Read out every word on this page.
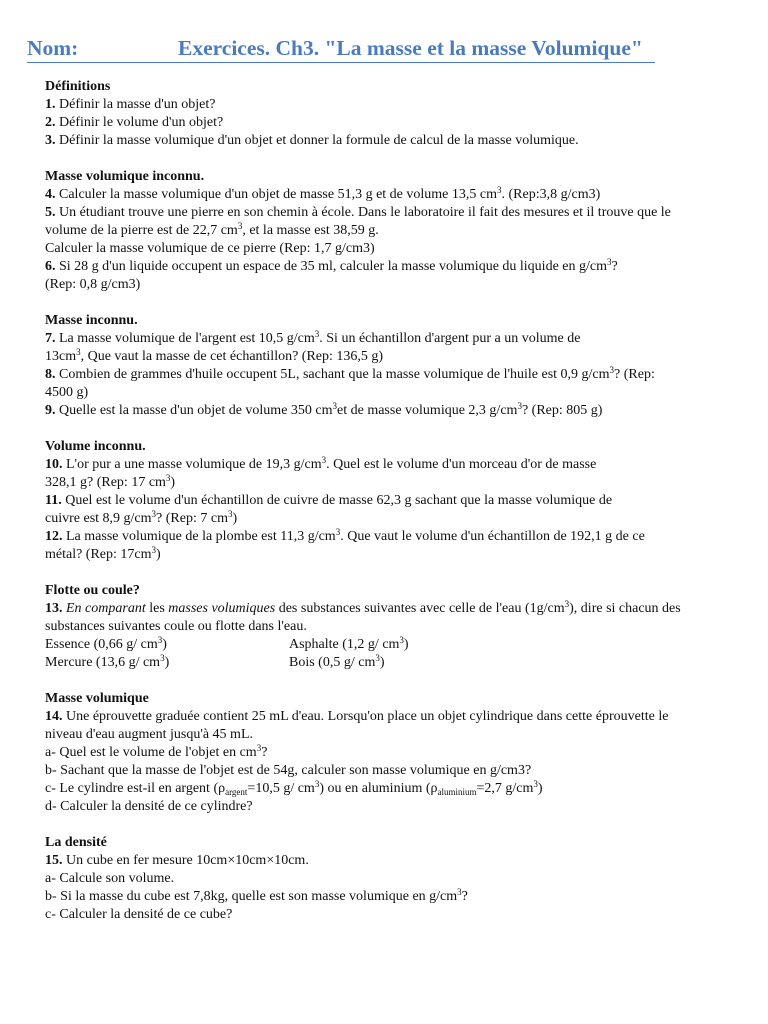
Nom:	Exercices. Ch3. "La masse et la masse Volumique"
Définitions
1. Définir la masse d'un objet?
2. Définir le volume d'un objet?
3. Définir la masse volumique d'un objet et donner la formule de calcul de la masse volumique.
Masse volumique inconnu.
4. Calculer la masse volumique d'un objet de masse 51,3 g et de volume 13,5 $cm^3$. (Rep:3,8 g/cm3)
5. Un étudiant trouve une pierre en son chemin à école. Dans le laboratoire il fait des mesures et il trouve que le
volume de la pierre est de 22,7 $cm^3$, et la masse est 38,59 g.
Calculer la masse volumique de ce pierre (Rep: 1,7 g/cm3)
6. Si 28 g d'un liquide occupent un espace de 35 ml, calculer la masse volumique du liquide en $g/cm^3$?
(Rep: 0,8 g/cm3)
Masse inconnu.
7. La masse volumique de l'argent est 10,5 $g/cm^3$. Si un échantillon d'argent pur a un volume de
$13cm^3$, Que vaut la masse de cet échantillon? (Rep: 136,5 g)
8. Combien de grammes d'huile occupent 5L, sachant que la masse volumique de l'huile est 0,9 $g/cm^3$? (Rep:
4500 g)
9. Quelle est la masse d'un objet de volume 350 $cm^3et$ de masse volumique 2,3 $g/cm^3$? (Rep: 805 g)
Volume inconnu.
10. L'or pur a une masse volumique de 19,3 $g/cm^3$. Quel est le volume d'un morceau d'or de masse
328,1 g? (Rep: 17 $cm^3$)
11. Quel est le volume d'un échantillon de cuivre de masse 62,3 g sachant que la masse volumique de
cuivre est 8,9 $g/cm^3$? (Rep: 7 $cm^3$)
12. La masse volumique de la plombe est 11,3 $g/cm^3$. Que vaut le volume d'un échantillon de 192,1 g de ce
métal? (Rep: $17cm^3$)
Flotte ou coule?
13. En comparant les masses volumiques des substances suivantes avec celle de l'eau $(1g/cm^3)$, dire si chacun des
substances suivantes coule ou flotte dans l'eau.
Essence (0,66 g/ $cm^3$)	Asphalte (1,2 g/ $cm^3$)
Mercure (13,6 g/ $cm^3$)	Bois (0,5 g/ $cm^3$)
Masse volumique
14. Une éprouvette graduée contient 25 mL d'eau. Lorsqu'on place un objet cylindrique dans cette éprouvette le
niveau d'eau augment jusqu'à 45 mL.
a- Quel est le volume de l'objet en $cm^3$?
b- Sachant que la masse de l'objet est de 54g, calculer son masse volumique en g/cm3?
c- Le cylindre est-il en argent ($\rho_{argent}=10,5$ g/ $cm^3$) ou en aluminium ($\rho_{aluminium}=2,7$ $g/cm^3$)
d- Calculer la densité de ce cylindre?
La densité
15. Un cube en fer mesure 10cm×10cm×10cm.
a- Calcule son volume.
b- Si la masse du cube est 7,8kg, quelle est son masse volumique en $g/cm^3$?
c- Calculer la densité de ce cube?
